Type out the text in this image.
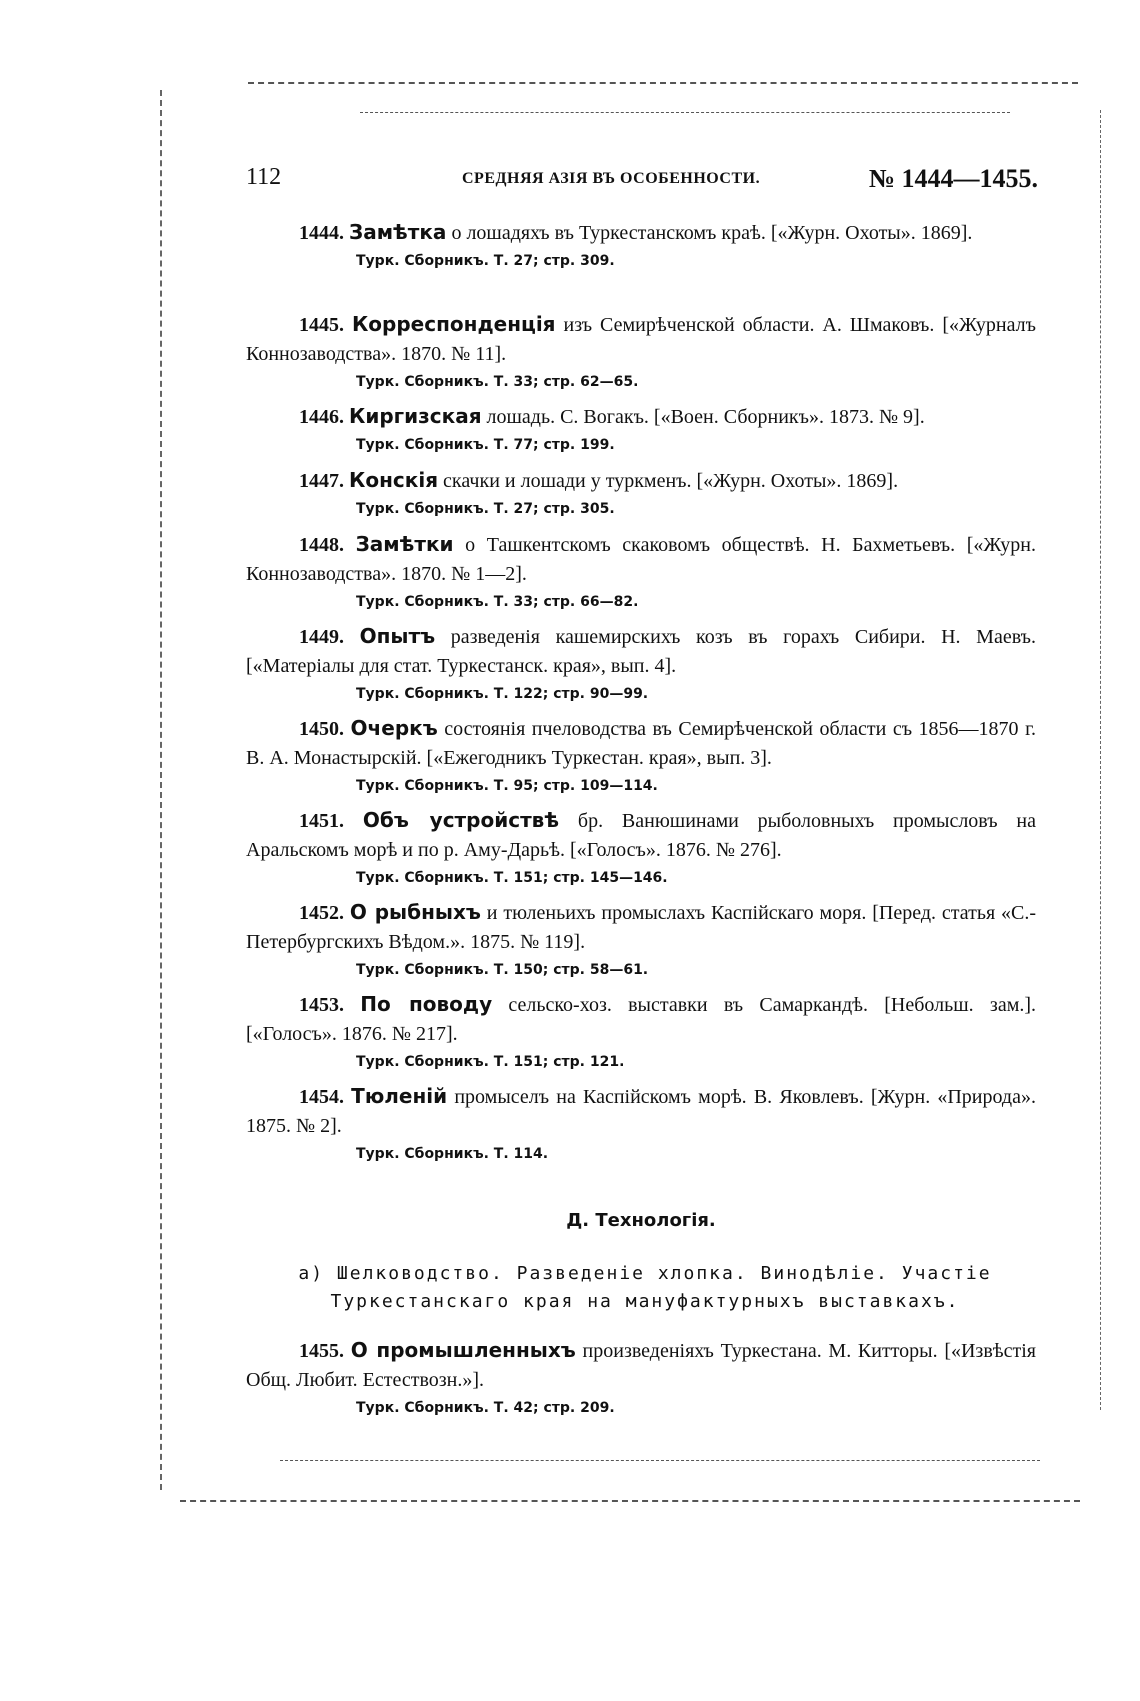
112	СРЕДНЯЯ АЗІЯ ВЪ ОСОБЕННОСТИ.	№ 1444—1455.
1444. Замѣтка о лошадяхъ въ Туркестанскомъ краѣ. [«Журн. Охоты». 1869].
Турк. Сборникъ. Т. 27; стр. 309.
1445. Корреспонденція изъ Семирѣченской области. А. Шмаковъ. [«Журналъ Коннозаводства». 1870. № 11].
Турк. Сборникъ. Т. 33; стр. 62—65.
1446. Киргизская лошадь. С. Вогакъ. [«Воен. Сборникъ». 1873. № 9].
Турк. Сборникъ. Т. 77; стр. 199.
1447. Конскія скачки и лошади у туркменъ. [«Журн. Охоты». 1869].
Турк. Сборникъ. Т. 27; стр. 305.
1448. Замѣтки о Ташкентскомъ скаковомъ обществѣ. Н. Бахметьевъ. [«Журн. Коннозаводства». 1870. № 1—2].
Турк. Сборникъ. Т. 33; стр. 66—82.
1449. Опытъ разведенія кашемирскихъ козъ въ горахъ Сибири. Н. Маевъ. [«Матеріалы для стат. Туркестанск. края», вып. 4].
Турк. Сборникъ. Т. 122; стр. 90—99.
1450. Очеркъ состоянія пчеловодства въ Семирѣченской области съ 1856—1870 г. В. А. Монастырскій. [«Ежегодникъ Туркестан. края», вып. 3].
Турк. Сборникъ. Т. 95; стр. 109—114.
1451. Объ устройствѣ бр. Ванюшинами рыболовныхъ промысловъ на Аральскомъ морѣ и по р. Аму-Дарьѣ. [«Голосъ». 1876. № 276].
Турк. Сборникъ. Т. 151; стр. 145—146.
1452. О рыбныхъ и тюленьихъ промыслахъ Каспійскаго моря. [Перед. статья «С.-Петербургскихъ Вѣдом.». 1875. № 119].
Турк. Сборникъ. Т. 150; стр. 58—61.
1453. По поводу сельско-хоз. выставки въ Самаркандѣ. [Небольш. зам.]. [«Голосъ». 1876. № 217].
Турк. Сборникъ. Т. 151; стр. 121.
1454. Тюленій промыселъ на Каспійскомъ морѣ. В. Яковлевъ. [Журн. «Природа». 1875. № 2].
Турк. Сборникъ. Т. 114.
Д. Технологія.
а) Шелководство. Разведеніе хлопка. Винодѣліе. Участіе Туркестанскаго края на мануфактурныхъ выставкахъ.
1455. О промышленныхъ произведеніяхъ Туркестана. М. Китторы. [«Извѣстія Общ. Любит. Естествозн.»].
Турк. Сборникъ. Т. 42; стр. 209.
